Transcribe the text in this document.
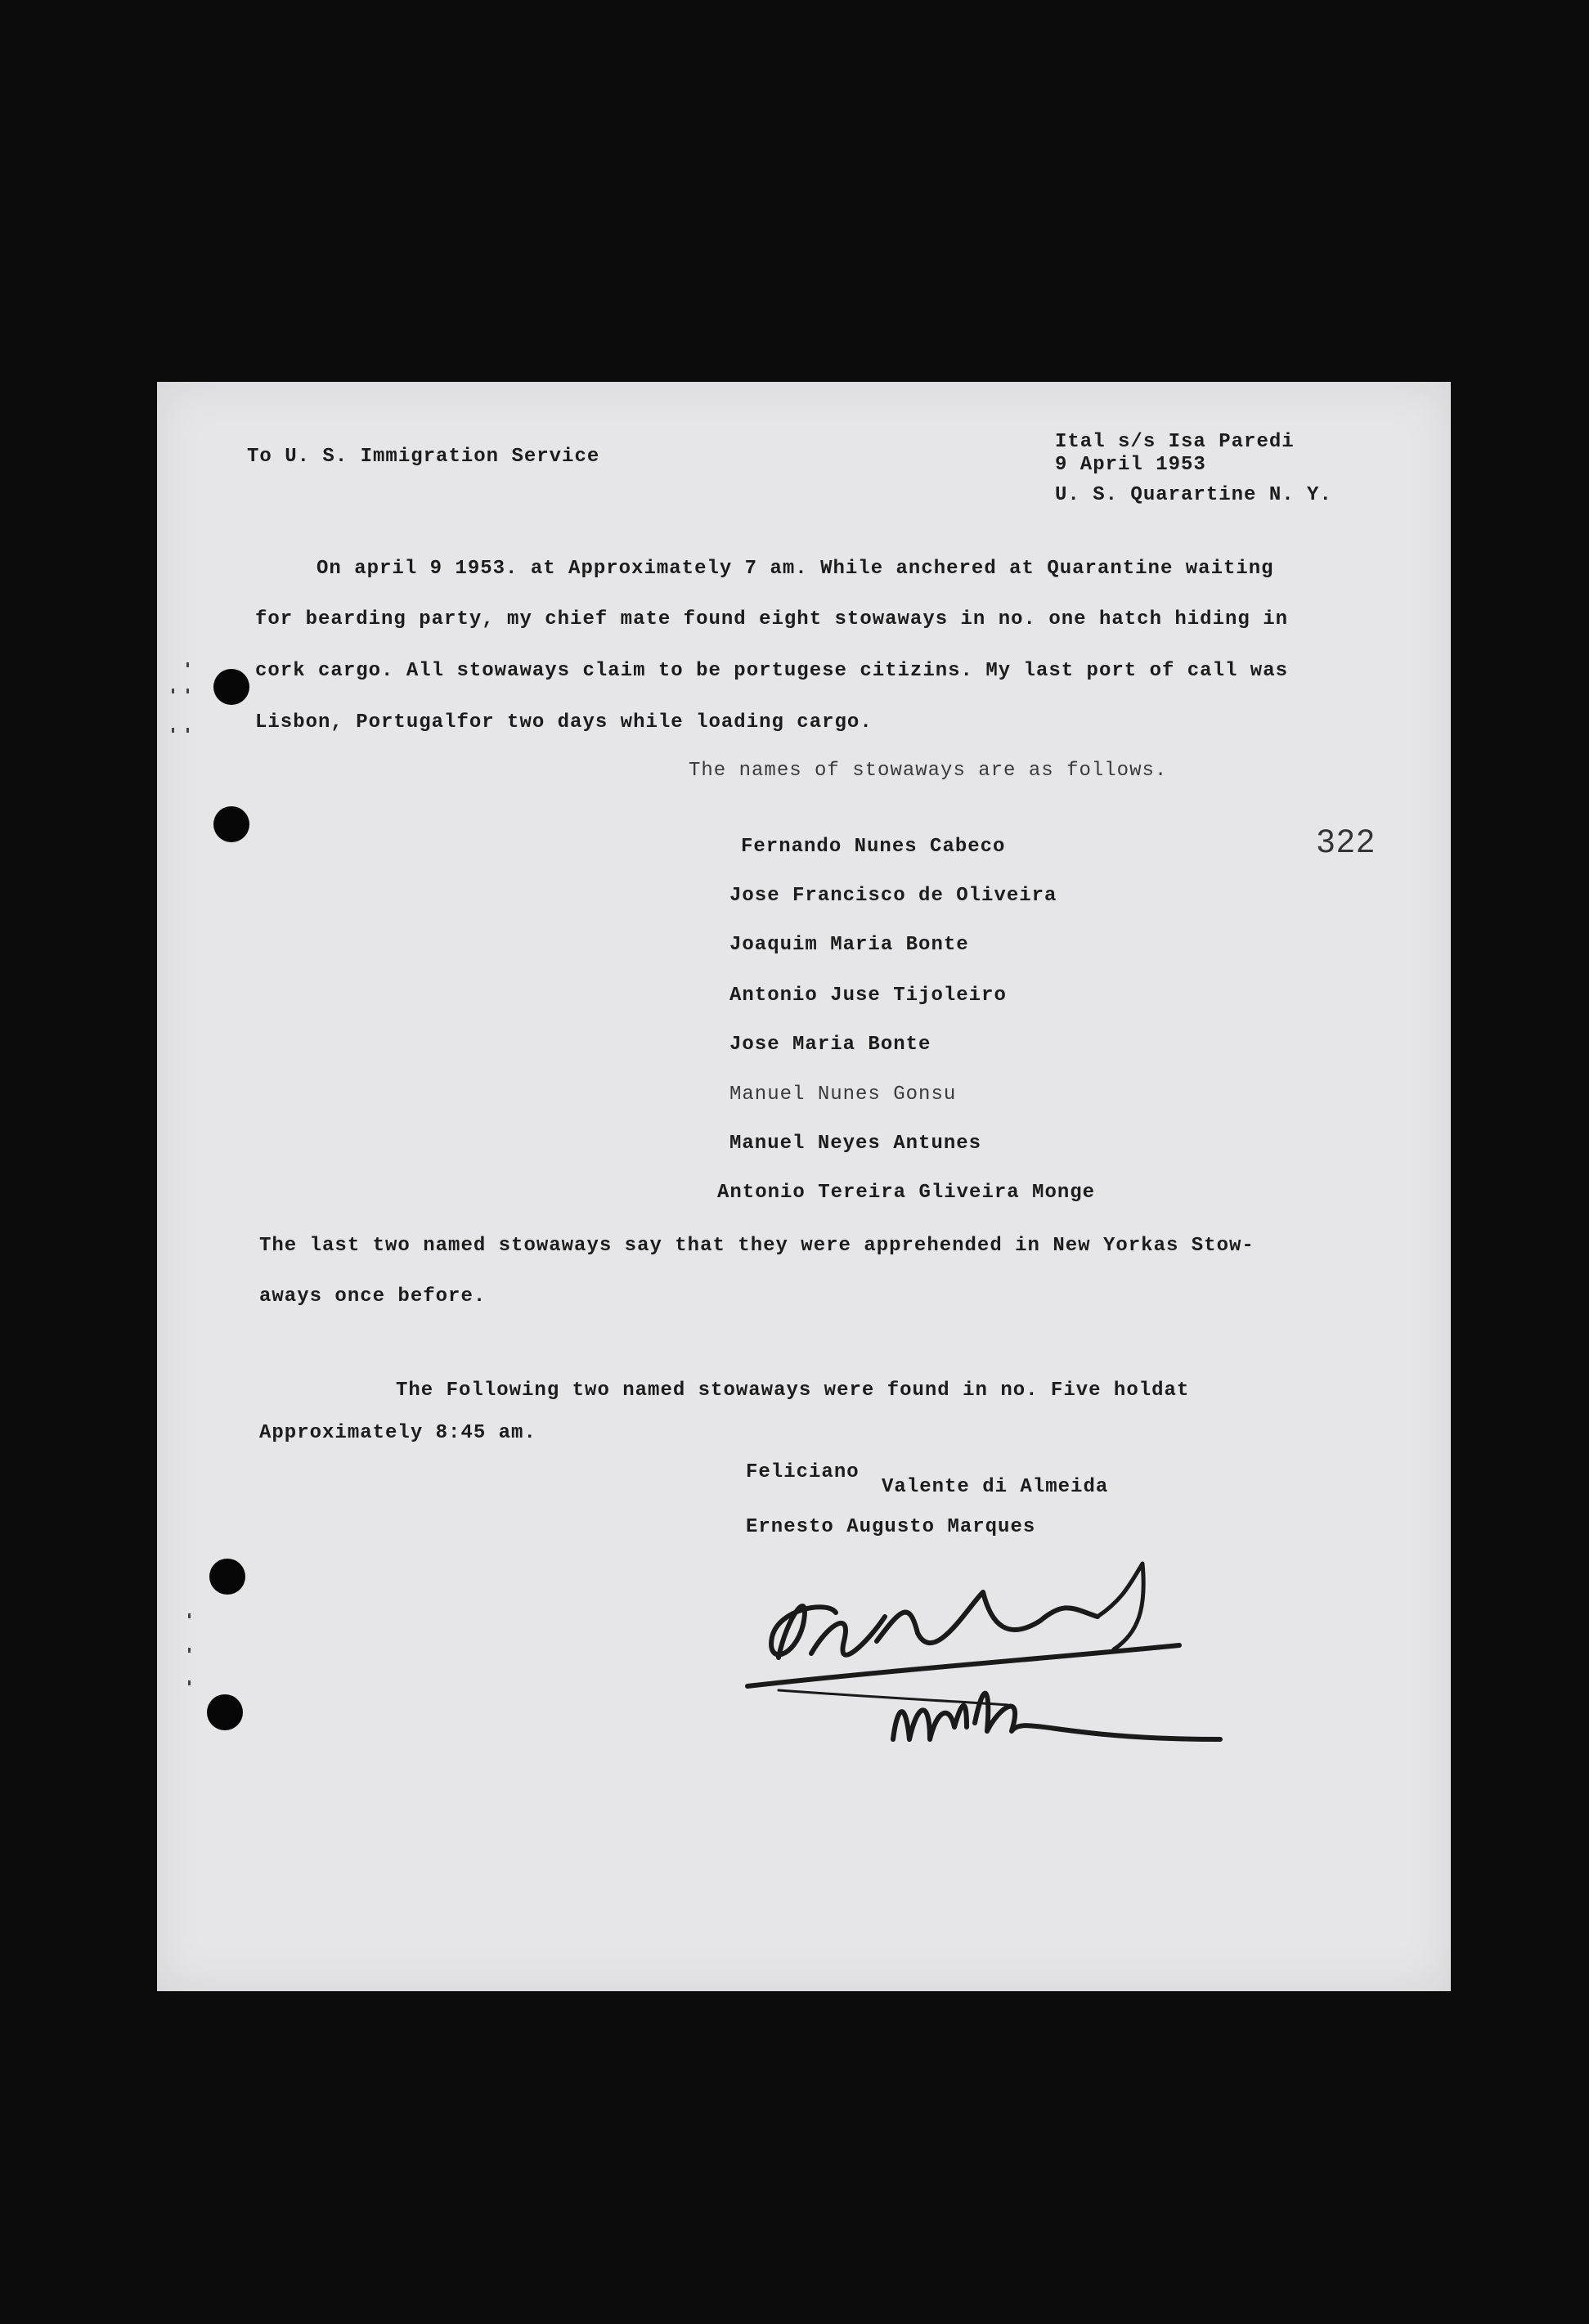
To U. S. Immigration Service
Ital s/s Isa Paredi
9 April 1953
U. S. Quarartine N. Y.
On april 9 1953. at Approximately 7 am. While anchered at Quarantine waiting
for bearding party, my chief mate found eight stowaways in no. one hatch hiding in
cork cargo. All stowaways claim to be portugese citizins. My last port of call was
Lisbon, Portugalfor two days while loading cargo.
The names of stowaways are as follows.
322
Fernando Nunes Cabeco
Jose Francisco de Oliveira
Joaquim Maria Bonte
Antonio Juse Tijoleiro
Jose Maria Bonte
Manuel Nunes Gonsu
Manuel Neyes Antunes
Antonio Tereira Gliveira Monge
The last two named stowaways say that they were apprehended in New Yorkas Stow-
aways once before.
The Following two named stowaways were found in no. Five holdat
Approximately 8:45 am.
Feliciano
Valente di Almeida
Ernesto Augusto Marques
